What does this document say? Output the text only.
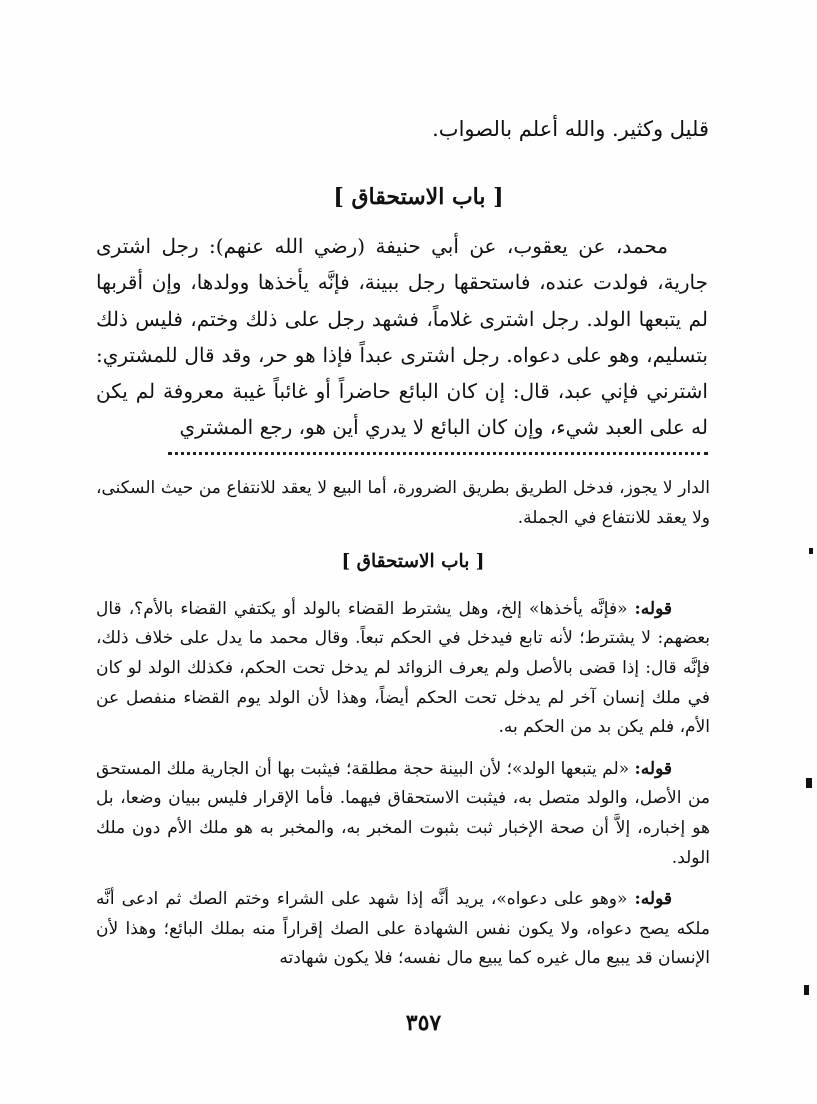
قليل وكثير. والله أعلم بالصواب.
[ باب الاستحقاق ]

محمد، عن يعقوب، عن أبي حنيفة (رضي الله عنهم): رجل اشترى جارية، فولدت عنده، فاستحقها رجل ببينة، فإنَّه يأخذها وولدها، وإن أقربها لم يتبعها الولد. رجل اشترى غلاماً، فشهد رجل على ذلك وختم، فليس ذلك بتسليم، وهو على دعواه. رجل اشترى عبداً فإذا هو حر، وقد قال للمشتري: اشترني فإني عبد، قال: إن كان البائع حاضراً أو غائباً غيبة معروفة لم يكن له على العبد شيء، وإن كان البائع لا يدري أين هو، رجع المشتري

الدار لا يجوز، فدخل الطريق بطريق الضرورة، أما البيع لا يعقد للانتفاع من حيث السكنى، ولا يعقد للانتفاع في الجملة.

[ باب الاستحقاق ]

قوله: «فإنَّه يأخذها» إلخ، وهل يشترط القضاء بالولد أو يكتفي القضاء بالأم؟، قال بعضهم: لا يشترط؛ لأنه تابع فيدخل في الحكم تبعاً. وقال محمد ما يدل على خلاف ذلك، فإنَّه قال: إذا قضى بالأصل ولم يعرف الزوائد لم يدخل تحت الحكم، فكذلك الولد لو كان في ملك إنسان آخر لم يدخل تحت الحكم أيضاً، وهذا لأن الولد يوم القضاء منفصل عن الأم، فلم يكن بد من الحكم به.

قوله: «لم يتبعها الولد»؛ لأن البينة حجة مطلقة؛ فيثبت بها أن الجارية ملك المستحق من الأصل، والولد متصل به، فيثبت الاستحقاق فيهما. فأما الإقرار فليس ببيان وضعا، بل هو إخباره، إلاَّ أن صحة الإخبار ثبت بثبوت المخبر به، والمخبر به هو ملك الأم دون ملك الولد.

قوله: «وهو على دعواه»، يريد أنَّه إذا شهد على الشراء وختم الصك ثم ادعى أنَّه ملكه يصح دعواه، ولا يكون نفس الشهادة على الصك إقراراً منه بملك البائع؛ وهذا لأن الإنسان قد يبيع مال غيره كما يبيع مال نفسه؛ فلا يكون شهادته

٣٥٧
